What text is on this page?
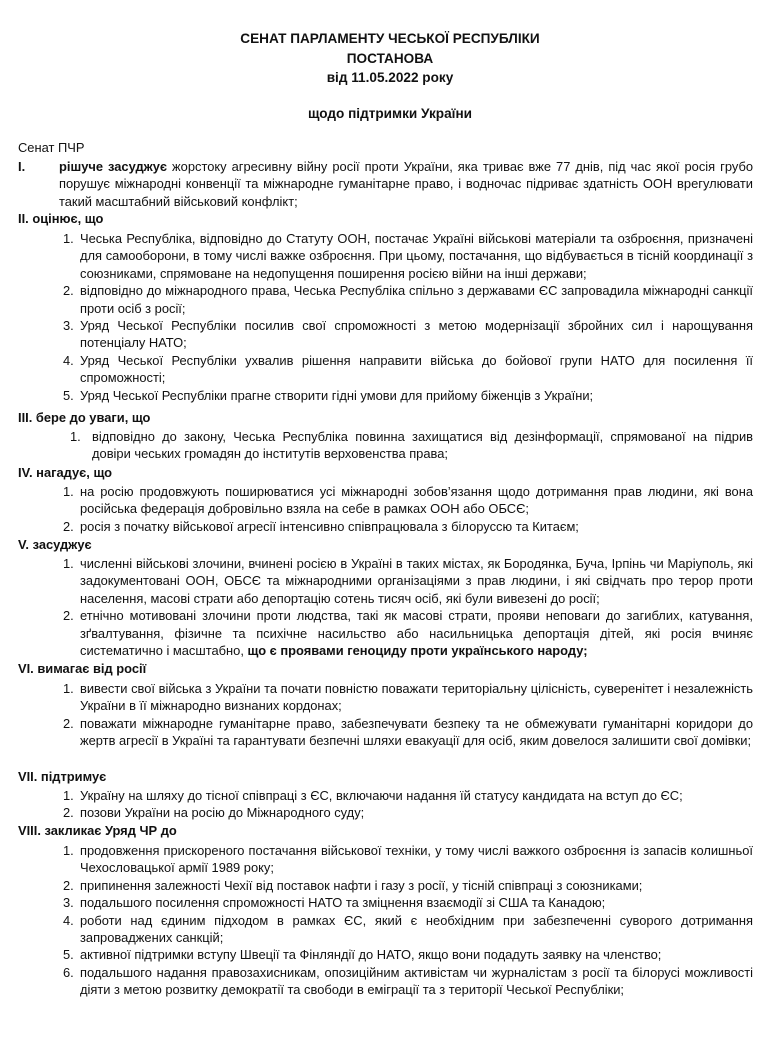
СЕНАТ ПАРЛАМЕНТУ ЧЕСЬКОЇ РЕСПУБЛІКИ
ПОСТАНОВА
від 11.05.2022 року
щодо підтримки України
Сенат ПЧР
I.	рішуче засуджує жорстоку агресивну війну росії проти України, яка триває вже 77 днів, під час якої росія грубо порушує міжнародні конвенції та міжнародне гуманітарне право, і водночас підриває здатність ООН врегулювати такий масштабний військовий конфлікт;
II. оцінює, що
1. Чеська Республіка, відповідно до Статуту ООН, постачає Україні військові матеріали та озброєння, призначені для самооборони, в тому числі важке озброєння. При цьому, постачання, що відбувається в тісній координації з союзниками, спрямоване на недопущення поширення росією війни на інші держави;
2. відповідно до міжнародного права, Чеська Республіка спільно з державами ЄС запровадила міжнародні санкції проти осіб з росії;
3. Уряд Чеської Республіки посилив свої спроможності з метою модернізації збройних сил і нарощування потенціалу НАТО;
4. Уряд Чеської Республіки ухвалив рішення направити війська до бойової групи НАТО для посилення її спроможності;
5. Уряд Чеської Республіки прагне створити гідні умови для прийому біженців з України;
III. бере до уваги, що
1. відповідно до закону, Чеська Республіка повинна захищатися від дезінформації, спрямованої на підрив довіри чеських громадян до інститутів верховенства права;
IV. нагадує, що
1. на росію продовжують поширюватися усі міжнародні зобов’язання щодо дотримання прав людини, які вона російська федерація добровільно взяла на себе в рамках ООН або ОБСЄ;
2. росія з початку військової агресії інтенсивно співпрацювала з білоруссю та Китаєм;
V. засуджує
1. численні військові злочини, вчинені росією в Україні в таких містах, як Бородянка, Буча, Ірпінь чи Маріуполь, які задокументовані ООН, ОБСЄ та міжнародними організаціями з прав людини, і які свідчать про терор проти населення, масові страти або депортацію сотень тисяч осіб, які були вивезені до росії;
2. етнічно мотивовані злочини проти людства, такі як масові страти, прояви неповаги до загиблих, катування, зґвалтування, фізичне та психічне насильство або насильницька депортація дітей, які росія вчиняє систематично і масштабно, що є проявами геноциду проти українського народу;
VI. вимагає від росії
1. вивести свої війська з України та почати повністю поважати територіальну цілісність, суверенітет і незалежність України в її міжнародно визнаних кордонах;
2. поважати міжнародне гуманітарне право, забезпечувати безпеку та не обмежувати гуманітарні коридори до жертв агресії в Україні та гарантувати безпечні шляхи евакуації для осіб, яким довелося залишити свої домівки;
VII. підтримує
1. Україну на шляху до тісної співпраці з ЄС, включаючи надання їй статусу кандидата на вступ до ЄС;
2. позови України на росію до Міжнародного суду;
VIII. закликає Уряд ЧР до
1. продовження прискореного постачання військової техніки, у тому числі важкого озброєння із запасів колишньої Чехословацької армії 1989 року;
2. припинення залежності Чехії від поставок нафти і газу з росії, у тісній співпраці з союзниками;
3. подальшого посилення спроможності НАТО та зміцнення взаємодії зі США та Канадою;
4. роботи над єдиним підходом в рамках ЄС, який є необхідним при забезпеченні суворого дотримання запроваджених санкцій;
5. активної підтримки вступу Швеції та Фінляндії до НАТО, якщо вони подадуть заявку на членство;
6. подальшого надання правозахисникам, опозиційним активістам чи журналістам з росії та білорусі можливості діяти з метою розвитку демократії та свободи в еміграції та з території Чеської Республіки;
